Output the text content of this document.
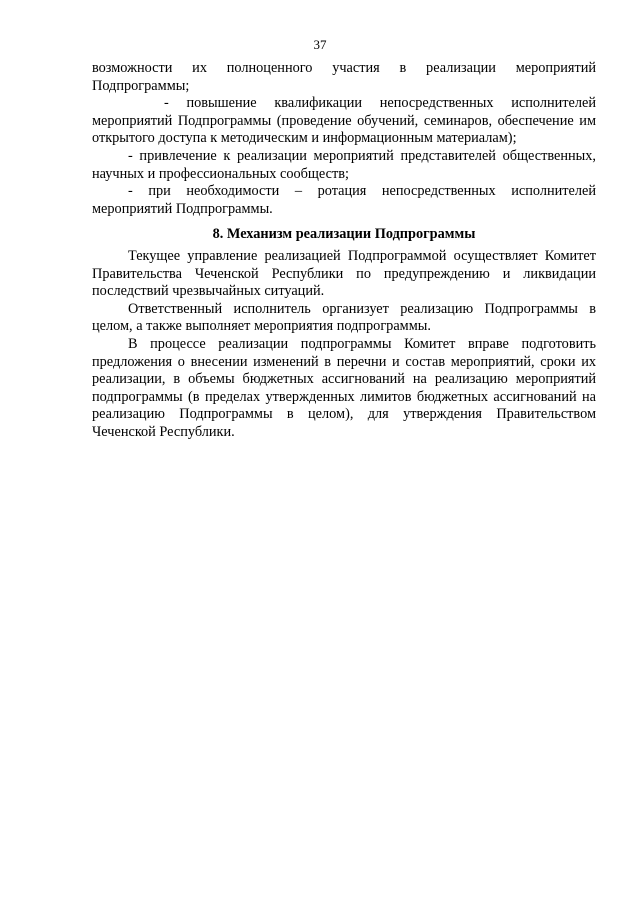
37

возможности их полноценного участия в реализации мероприятий Подпрограммы;

- повышение квалификации непосредственных исполнителей мероприятий Подпрограммы (проведение обучений, семинаров, обеспечение им открытого доступа к методическим и информационным материалам);

- привлечение к реализации мероприятий представителей общественных, научных и профессиональных сообществ;

- при необходимости – ротация непосредственных исполнителей мероприятий Подпрограммы.

8. Механизм реализации Подпрограммы

Текущее управление реализацией Подпрограммой осуществляет Комитет Правительства Чеченской Республики по предупреждению и ликвидации последствий чрезвычайных ситуаций.

Ответственный исполнитель организует реализацию Подпрограммы в целом, а также выполняет мероприятия подпрограммы.

В процессе реализации подпрограммы Комитет вправе подготовить предложения о внесении изменений в перечни и состав мероприятий, сроки их реализации, в объемы бюджетных ассигнований на реализацию мероприятий подпрограммы (в пределах утвержденных лимитов бюджетных ассигнований на реализацию Подпрограммы в целом), для утверждения Правительством Чеченской Республики.
